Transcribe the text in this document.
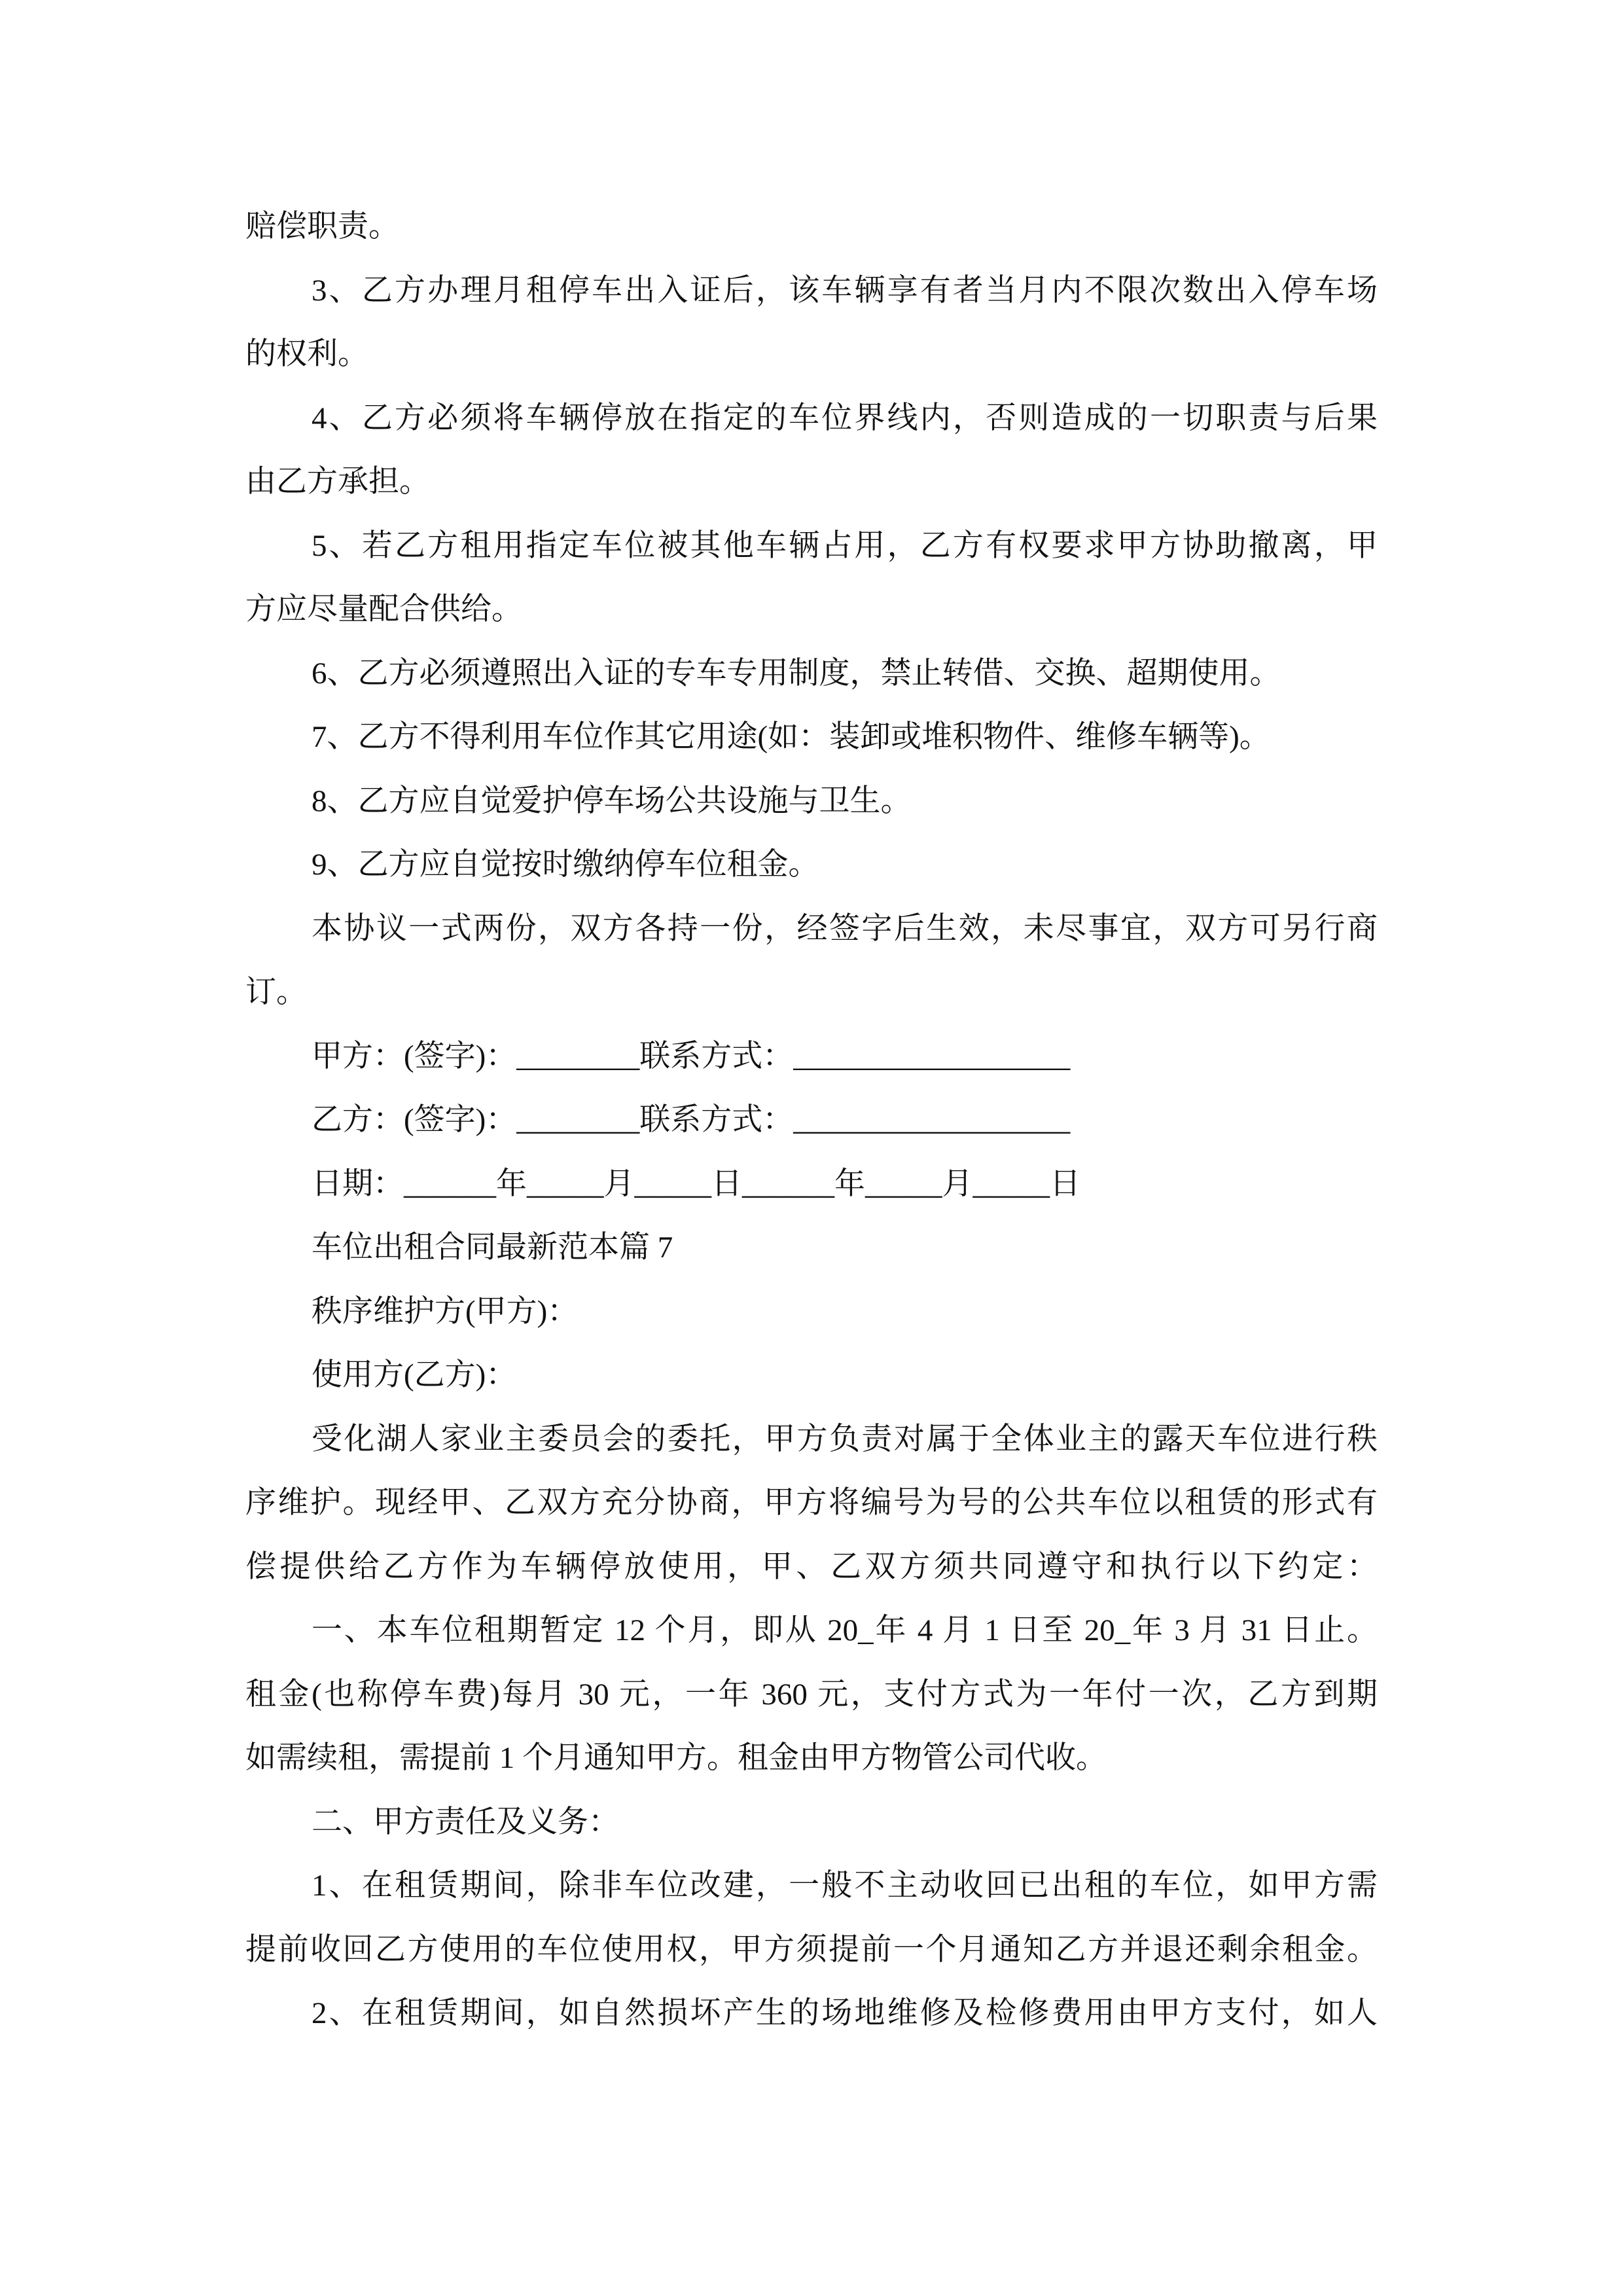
赔偿职责。
3、乙方办理月租停车出入证后，该车辆享有者当月内不限次数出入停车场
的权利。
4、乙方必须将车辆停放在指定的车位界线内，否则造成的一切职责与后果
由乙方承担。
5、若乙方租用指定车位被其他车辆占用，乙方有权要求甲方协助撤离，甲
方应尽量配合供给。
6、乙方必须遵照出入证的专车专用制度，禁止转借、交换、超期使用。
7、乙方不得利用车位作其它用途(如：装卸或堆积物件、维修车辆等)。
8、乙方应自觉爱护停车场公共设施与卫生。
9、乙方应自觉按时缴纳停车位租金。
本协议一式两份，双方各持一份，经签字后生效，未尽事宜，双方可另行商
订。
甲方：(签字)：________联系方式：__________________
乙方：(签字)：________联系方式：__________________
日期：______年_____月_____日______年_____月_____日
车位出租合同最新范本篇 7
秩序维护方(甲方)：
使用方(乙方)：
受化湖人家业主委员会的委托，甲方负责对属于全体业主的露天车位进行秩
序维护。现经甲、乙双方充分协商，甲方将编号为号的公共车位以租赁的形式有
偿提供给乙方作为车辆停放使用，甲、乙双方须共同遵守和执行以下约定：
一、本车位租期暂定 12 个月，即从 20_年 4 月 1 日至 20_年 3 月 31 日止。
租金(也称停车费)每月 30 元，一年 360 元，支付方式为一年付一次，乙方到期
如需续租，需提前 1 个月通知甲方。租金由甲方物管公司代收。
二、甲方责任及义务：
1、在租赁期间，除非车位改建，一般不主动收回已出租的车位，如甲方需
提前收回乙方使用的车位使用权，甲方须提前一个月通知乙方并退还剩余租金。
2、在租赁期间，如自然损坏产生的场地维修及检修费用由甲方支付，如人
